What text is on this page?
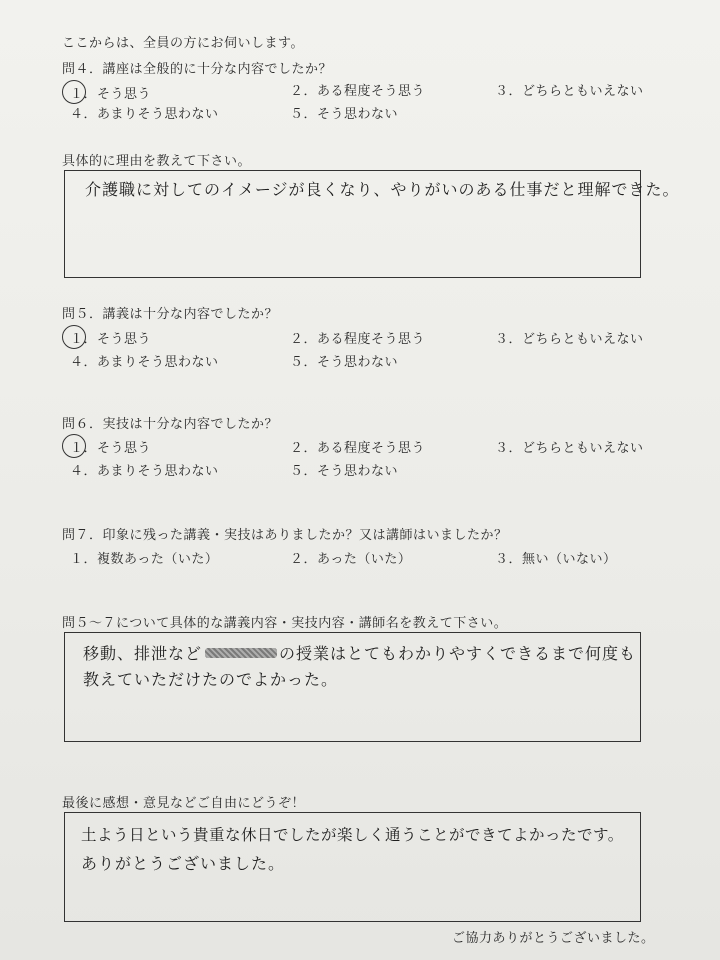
ここからは、全員の方にお伺いします。
問４．講座は全般的に十分な内容でしたか？
１．そう思う	２．ある程度そう思う	３．どちらともいえない
４．あまりそう思わない	５．そう思わない
具体的に理由を教えて下さい。
介護職に対してのイメージが良くなり、やりがいのある仕事だと理解できた。
問５．講義は十分な内容でしたか？
１．そう思う	２．ある程度そう思う	３．どちらともいえない
４．あまりそう思わない	５．そう思わない
問６．実技は十分な内容でしたか？
１．そう思う	２．ある程度そう思う	３．どちらともいえない
４．あまりそう思わない	５．そう思わない
問７．印象に残った講義・実技はありましたか？又は講師はいましたか？
１．複数あった（いた）	２．あった（いた）	３．無い（いない）
問５〜７について具体的な講義内容・実技内容・講師名を教えて下さい。
移動、排泄など	の授業はとてもわかりやすくできるまで何度も
教えていただけたのでよかった。
最後に感想・意見などご自由にどうぞ！
土よう日という貴重な休日でしたが楽しく通うことができてよかったです。
ありがとうございました。
ご協力ありがとうございました。
